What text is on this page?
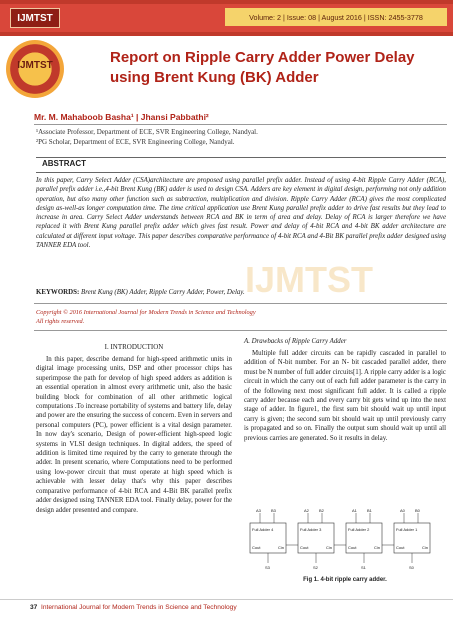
IJMTST	Volume: 2 | Issue: 08 | August 2016 | ISSN: 2455-3778
IJMTST	Report on Ripple Carry Adder Power Delay using Brent Kung (BK) Adder
Mr. M. Mahaboob Basha¹ | Jhansi Pabbathi²
¹Associate Professor, Department of ECE, SVR Engineering College, Nandyal.
²PG Scholar, Department of ECE, SVR Engineering College, Nandyal.
ABSTRACT
In this paper, Carry Select Adder (CSA)architecture are proposed using parallel prefix adder. Instead of using 4-bit Ripple Carry Adder (RCA), parallel prefix adder i.e.,4-bit Brent Kung (BK) adder is used to design CSA. Adders are key element in digital design, performing not only addition operation, but also many other function such as subtraction, multiplication and division. Ripple Carry Adder (RCA) gives the most complicated design as-well-as longer computation time. The time critical application use Brent Kung parallel prefix adder to drive fast results but they lead to increase in area. Carry Select Adder understands between RCA and BK in term of area and delay. Delay of RCA is larger therefore we have replaced it with Brent Kung parallel prefix adder which gives fast result. Power and delay of 4-bit RCA and 4-bit BK adder architecture are calculated at different input voltage. This paper describes comparative performance of 4-bit RCA and 4-Bit BK parallel prefix adder designed using TANNER EDA tool.
KEYWORDS: Brent Kung (BK) Adder, Ripple Carry Adder, Power, Delay.
Copyright © 2016 International Journal for Modern Trends in Science and Technology
All rights reserved.
IJMTST
I. INTRODUCTION
In this paper, describe demand for high-speed arithmetic units in digital image processing units, DSP and other processor chips has superimpose the path for develop of high speed adders as addition is an essential operation in almost every arithmetic unit, also the basic building block for combination of all other arithmetic logical computations .To increase portability of systems and battery life, delay and power are the ensuring the success of concern. Even in servers and personal computers (PC), power efficient is a vital design parameter. In now day's scenario, Design of power-efficient high-speed logic systems in VLSI design techniques. In digital adders, the speed of addition is limited time required by the carry to generate through the adder. In present scenario, where Computations need to be performed using low-power circuit that must operate at high speed which is achievable with lesser delay that's why this paper describes comparative performance of 4-bit RCA and 4-Bit BK parallel prefix adder designed using TANNER EDA tool. Finally delay, power for the design adder presented and compare.
A. Drawbacks of Ripple Carry Adder
Multiple full adder circuits can be rapidly cascaded in parallel to addition of N-bit number. For an N- bit cascaded parallel adder, there must be N number of full adder circuits[1]. A ripple carry adder is a logic circuit in which the carry out of each full adder parameter is the carry in of the following next most significant full adder. It is called a ripple carry adder because each and every carry bit gets wind up into the next stage of adder. In figure1, the first sum bit should wait up until input carry is given; the second sum bit should wait up until previously carry is propagated and so on. Finally the output sum should wait up until all previous carries are generated. So it results in delay.
Full Adder 4
Cout	Cin
A3	B3
S3
Full Adder 3
Cout	Cin
A2	B2
S2
Full Adder 2
Cout	Cin
A1	B1
S1
Full Adder 1
Cout	Cin
A0	B0
S0
Fig 1. 4-bit ripple carry adder.
37 International Journal for Modern Trends in Science and Technology
